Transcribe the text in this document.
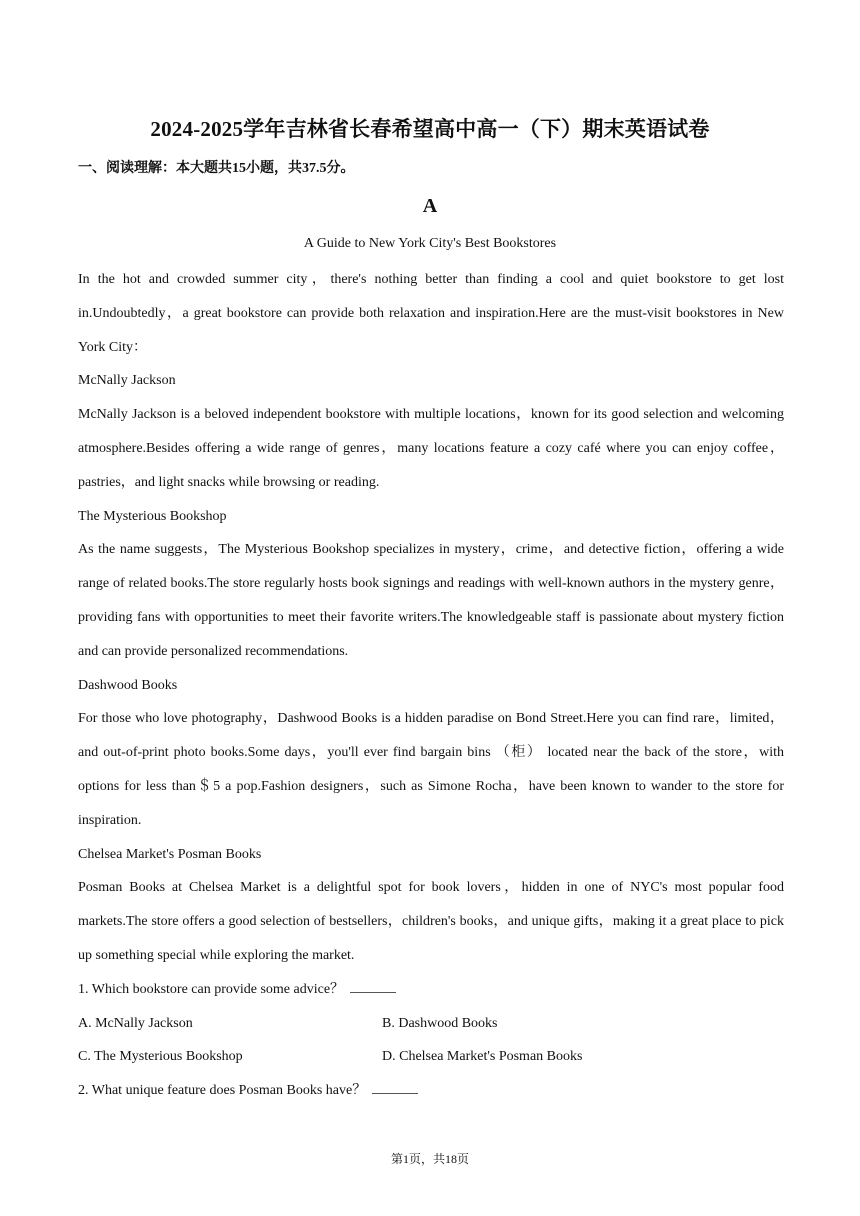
2024-2025学年吉林省长春希望高中高一（下）期末英语试卷
一、阅读理解：本大题共15小题，共37.5分。
A
A Guide to New York City's Best Bookstores

In the hot and crowded summer city，there's nothing better than finding a cool and quiet bookstore to get lost in.Undoubtedly，a great bookstore can provide both relaxation and inspiration.Here are the must-visit bookstores in New York City：

McNally Jackson

McNally Jackson is a beloved independent bookstore with multiple locations，known for its good selection and welcoming atmosphere.Besides offering a wide range of genres，many locations feature a cozy café where you can enjoy coffee，pastries，and light snacks while browsing or reading.

The Mysterious Bookshop

As the name suggests，The Mysterious Bookshop specializes in mystery，crime，and detective fiction，offering a wide range of related books.The store regularly hosts book signings and readings with well-known authors in the mystery genre，providing fans with opportunities to meet their favorite writers.The knowledgeable staff is passionate about mystery fiction and can provide personalized recommendations.

Dashwood Books

For those who love photography，Dashwood Books is a hidden paradise on Bond Street.Here you can find rare，limited，and out-of-print photo books.Some days，you'll ever find bargain bins （柜） located near the back of the store，with options for less than＄5 a pop.Fashion designers，such as Simone Rocha，have been known to wander to the store for inspiration.

Chelsea Market's Posman Books

Posman Books at Chelsea Market is a delightful spot for book lovers，hidden in one of NYC's most popular food markets.The store offers a good selection of bestsellers，children's books，and unique gifts，making it a great place to pick up something special while exploring the market.

1. Which bookstore can provide some advice？

A. McNally Jackson	B. Dashwood Books
C. The Mysterious Bookshop	D. Chelsea Market's Posman Books

2. What unique feature does Posman Books have？

第1页，共18页
